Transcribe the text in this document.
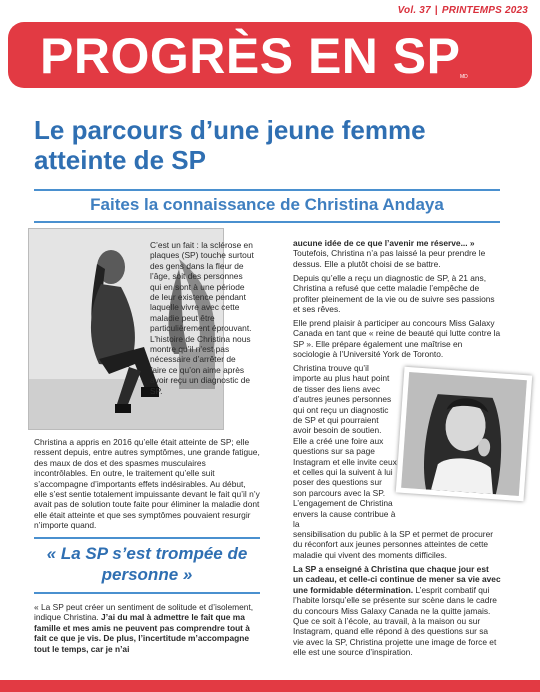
Vol. 37 | PRINTEMPS 2023
PROGRÈS EN SP MD
Le parcours d’une jeune femme atteinte de SP
Faites la connaissance de Christina Andaya

C’est un fait : la sclérose en plaques (SP) touche surtout des gens dans la fleur de l’âge, soit des personnes qui en sont à une période de leur existence pendant laquelle vivre avec cette maladie peut être particulièrement éprouvant. L’histoire de Christina nous montre qu’il n’est pas nécessaire d’arrêter de faire ce qu’on aime après avoir reçu un diagnostic de SP.

Christina a appris en 2016 qu’elle était atteinte de SP; elle ressent depuis, entre autres symptômes, une grande fatigue, des maux de dos et des spasmes musculaires incontrôlables. En outre, le traitement qu’elle suit s’accompagne d’importants effets indésirables. Au début, elle s’est sentie totalement impuissante devant le fait qu’il n’y avait pas de solution toute faite pour éliminer la maladie dont elle était atteinte et que ses symptômes pouvaient resurgir n’importe quand.

« La SP s’est trompée de personne »

« La SP peut créer un sentiment de solitude et d’isolement, indique Christina. J’ai du mal à admettre le fait que ma famille et mes amis ne peuvent pas comprendre tout à fait ce que je vis. De plus, l’incertitude m’accompagne tout le temps, car je n’ai

aucune idée de ce que l’avenir me réserve... » Toutefois, Christina n’a pas laissé la peur prendre le dessus. Elle a plutôt choisi de se battre.

Depuis qu’elle a reçu un diagnostic de SP, à 21 ans, Christina a refusé que cette maladie l’empêche de profiter pleinement de la vie ou de suivre ses passions et ses rêves.

Elle prend plaisir à participer au concours Miss Galaxy Canada en tant que « reine de beauté qui lutte contre la SP ». Elle prépare également une maîtrise en sociologie à l’Université York de Toronto.

Christina trouve qu’il importe au plus haut point de tisser des liens avec d’autres jeunes personnes qui ont reçu un diagnostic de SP et qui pourraient avoir besoin de soutien. Elle a créé une foire aux questions sur sa page Instagram et elle invite ceux et celles qui la suivent à lui poser des questions sur son parcours avec la SP. L’engagement de Christina envers la cause contribue à la

sensibilisation du public à la SP et permet de procurer du réconfort aux jeunes personnes atteintes de cette maladie qui vivent des moments difficiles.

La SP a enseigné à Christina que chaque jour est un cadeau, et celle-ci continue de mener sa vie avec une formidable détermination. L’esprit combatif qui l’habite lorsqu’elle se présente sur scène dans le cadre du concours Miss Galaxy Canada ne la quitte jamais. Que ce soit à l’école, au travail, à la maison ou sur Instagram, quand elle répond à des questions sur sa vie avec la SP, Christina projette une image de force et elle est une source d’inspiration.
